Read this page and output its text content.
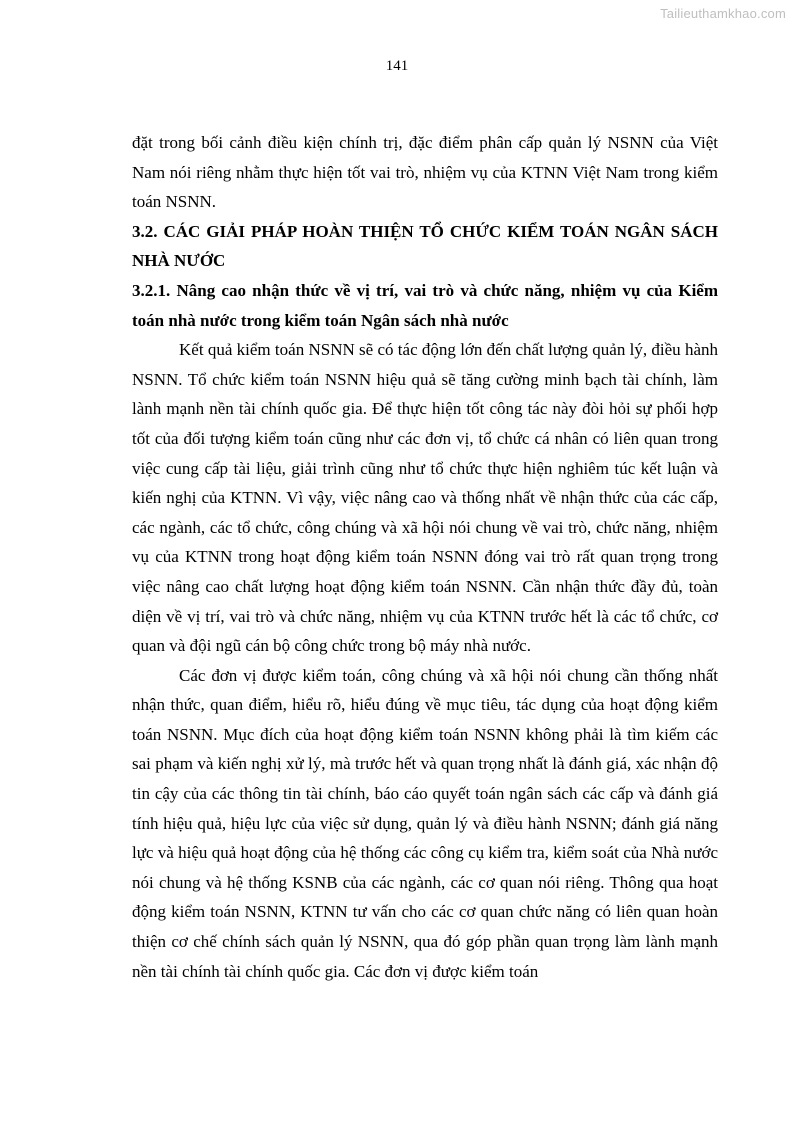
Tailieuthamkhao.com
141

đặt trong bối cảnh điều kiện chính trị, đặc điểm phân cấp quản lý NSNN của Việt Nam nói riêng nhằm thực hiện tốt vai trò, nhiệm vụ của KTNN Việt Nam trong kiểm toán NSNN.

3.2. CÁC GIẢI PHÁP HOÀN THIỆN TỔ CHỨC KIỂM TOÁN NGÂN SÁCH NHÀ NƯỚC

3.2.1. Nâng cao nhận thức về vị trí, vai trò và chức năng, nhiệm vụ của Kiểm toán nhà nước trong kiểm toán Ngân sách nhà nước

Kết quả kiểm toán NSNN sẽ có tác động lớn đến chất lượng quản lý, điều hành NSNN. Tổ chức kiểm toán NSNN hiệu quả sẽ tăng cường minh bạch tài chính, làm lành mạnh nền tài chính quốc gia. Để thực hiện tốt công tác này đòi hỏi sự phối hợp tốt của đối tượng kiểm toán cũng như các đơn vị, tổ chức cá nhân có liên quan trong việc cung cấp tài liệu, giải trình cũng như tổ chức thực hiện nghiêm túc kết luận và kiến nghị của KTNN. Vì vậy, việc nâng cao và thống nhất về nhận thức của các cấp, các ngành, các tổ chức, công chúng và xã hội nói chung về vai trò, chức năng, nhiệm vụ của KTNN trong hoạt động kiểm toán NSNN đóng vai trò rất quan trọng trong việc nâng cao chất lượng hoạt động kiểm toán NSNN. Cần nhận thức đầy đủ, toàn diện về vị trí, vai trò và chức năng, nhiệm vụ của KTNN trước hết là các tổ chức, cơ quan và đội ngũ cán bộ công chức trong bộ máy nhà nước.

Các đơn vị được kiểm toán, công chúng và xã hội nói chung cần thống nhất nhận thức, quan điểm, hiểu rõ, hiểu đúng về mục tiêu, tác dụng của hoạt động kiểm toán NSNN. Mục đích của hoạt động kiểm toán NSNN không phải là tìm kiếm các sai phạm và kiến nghị xử lý, mà trước hết và quan trọng nhất là đánh giá, xác nhận độ tin cậy của các thông tin tài chính, báo cáo quyết toán ngân sách các cấp và đánh giá tính hiệu quả, hiệu lực của việc sử dụng, quản lý và điều hành NSNN; đánh giá năng lực và hiệu quả hoạt động của hệ thống các công cụ kiểm tra, kiểm soát của Nhà nước nói chung và hệ thống KSNB của các ngành, các cơ quan nói riêng. Thông qua hoạt động kiểm toán NSNN, KTNN tư vấn cho các cơ quan chức năng có liên quan hoàn thiện cơ chế chính sách quản lý NSNN, qua đó góp phần quan trọng làm lành mạnh nền tài chính tài chính quốc gia. Các đơn vị được kiểm toán
